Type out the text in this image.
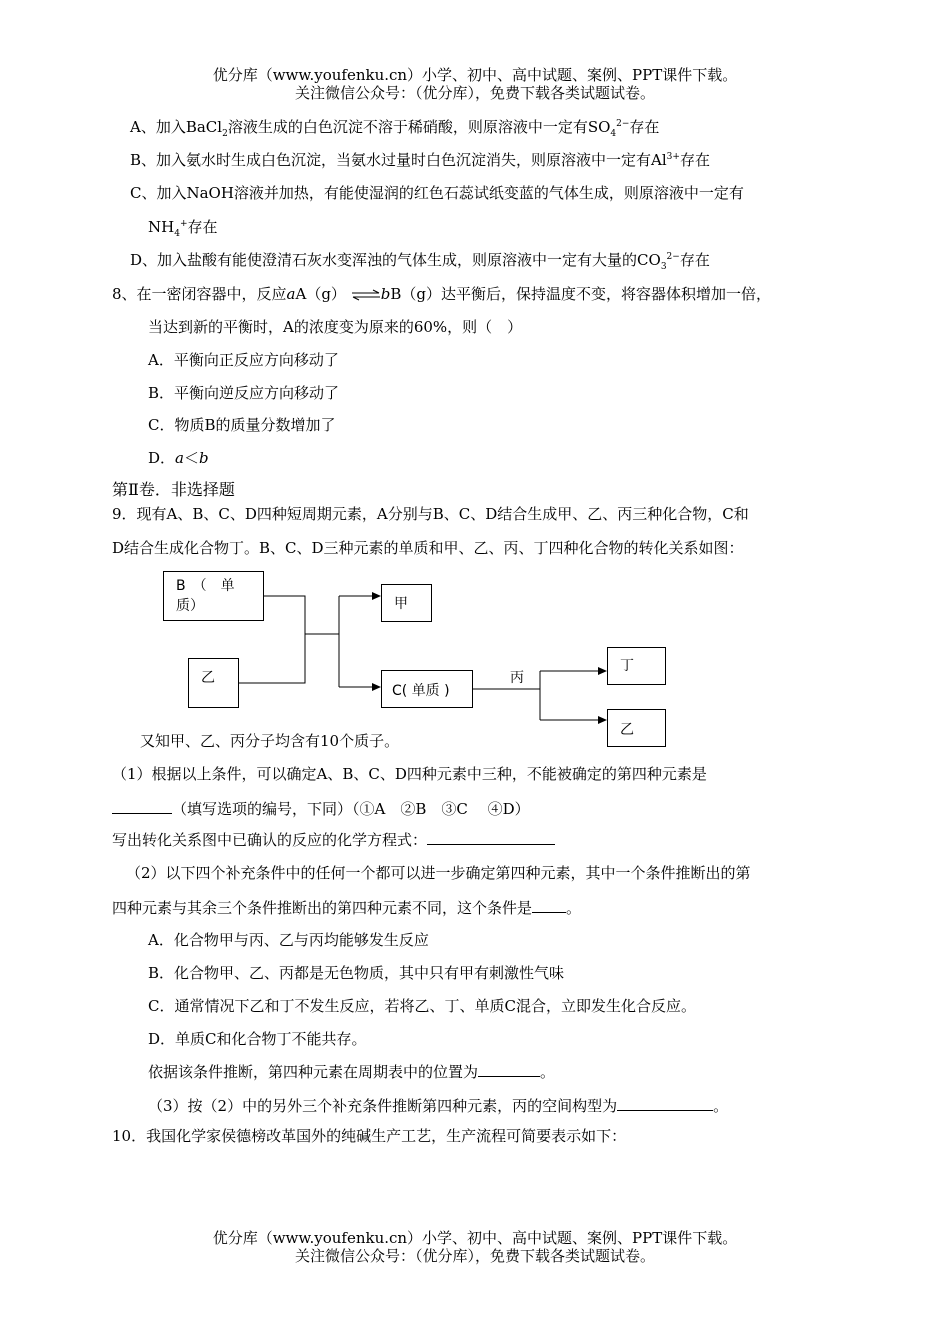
优分库（www.youfenku.cn）小学、初中、高中试题、案例、PPT课件下载。
关注微信公众号：（优分库），免费下载各类试题试卷。
A、加入BaCl$_2$溶液生成的白色沉淀不溶于稀硝酸，则原溶液中一定有$SO_4^{2-}$存在
B、加入氨水时生成白色沉淀，当氨水过量时白色沉淀消失，则原溶液中一定有$Al^{3+}$存在
C、加入NaOH溶液并加热，有能使湿润的红色石蕊试纸变蓝的气体生成，则原溶液中一定有
$NH_4^+$存在
D、加入盐酸有能使澄清石灰水变浑浊的气体生成，则原溶液中一定有大量的$CO_3^{2-}$存在
8、在一密闭容器中，反应aA（g） ⇌bB（g）达平衡后，保持温度不变，将容器体积增加一倍，
当达到新的平衡时，A的浓度变为原来的60%，则（　）
A．平衡向正反应方向移动了
B．平衡向逆反应方向移动了
C．物质B的质量分数增加了
D．a＜b
第Ⅱ卷．非选择题
9．现有A、B、C、D四种短周期元素，A分别与B、C、D结合生成甲、乙、丙三种化合物，C和
D结合生成化合物丁。B、C、D三种元素的单质和甲、乙、丙、丁四种化合物的转化关系如图：
B　（　单
质）
乙
甲
C( 单质 )
丙
丁
乙
又知甲、乙、丙分子均含有10个质子。
（1）根据以上条件，可以确定A、B、C、D四种元素中三种，不能被确定的第四种元素是
（填写选项的编号，下同）（①A　②B　③C　 ④D）
写出转化关系图中已确认的反应的化学方程式：
（2）以下四个补充条件中的任何一个都可以进一步确定第四种元素，其中一个条件推断出的第
四种元素与其余三个条件推断出的第四种元素不同，这个条件是 。
A．化合物甲与丙、乙与丙均能够发生反应
B．化合物甲、乙、丙都是无色物质，其中只有甲有刺激性气味
C．通常情况下乙和丁不发生反应，若将乙、丁、单质C混合，立即发生化合反应。
D．单质C和化合物丁不能共存。
依据该条件推断，第四种元素在周期表中的位置为	。
（3）按（2）中的另外三个补充条件推断第四种元素，丙的空间构型为	。
10．我国化学家侯德榜改革国外的纯碱生产工艺，生产流程可简要表示如下：
优分库（www.youfenku.cn）小学、初中、高中试题、案例、PPT课件下载。
关注微信公众号：（优分库），免费下载各类试题试卷。
